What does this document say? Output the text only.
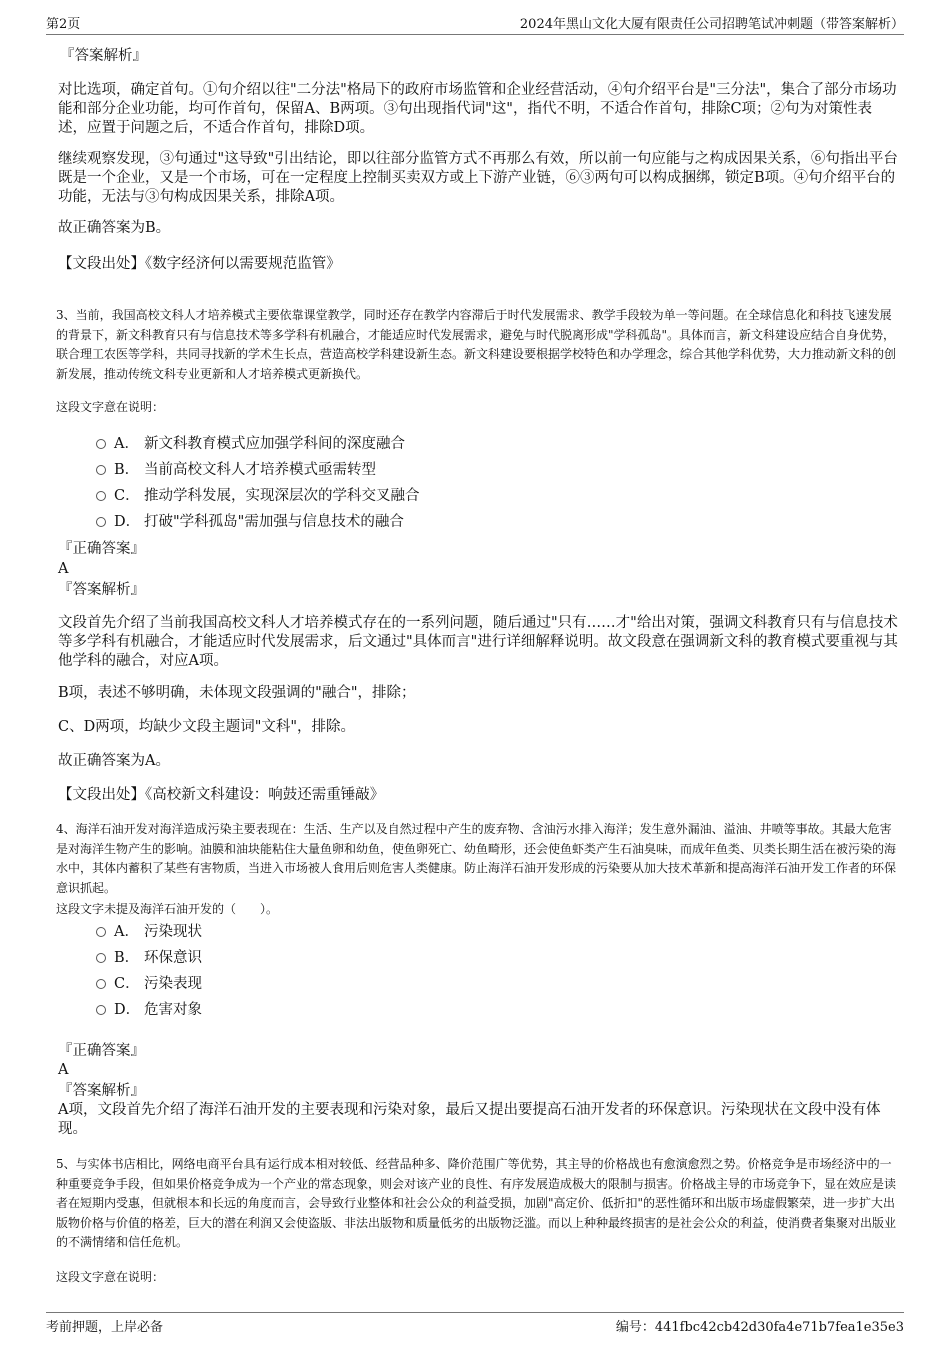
第2页	2024年黑山文化大厦有限责任公司招聘笔试冲刺题（带答案解析）

『答案解析』

对比选项，确定首句。①句介绍以往"二分法"格局下的政府市场监管和企业经营活动，④句介绍平台是"三分法"，集合了部分市场功能和部分企业功能，均可作首句，保留A、B两项。③句出现指代词"这"，指代不明，不适合作首句，排除C项；②句为对策性表述，应置于问题之后，不适合作首句，排除D项。

继续观察发现，③句通过"这导致"引出结论，即以往部分监管方式不再那么有效，所以前一句应能与之构成因果关系，⑥句指出平台既是一个企业，又是一个市场，可在一定程度上控制买卖双方或上下游产业链，⑥③两句可以构成捆绑，锁定B项。④句介绍平台的功能，无法与③句构成因果关系，排除A项。

故正确答案为B。

【文段出处】《数字经济何以需要规范监管》

3、当前，我国高校文科人才培养模式主要依靠课堂教学，同时还存在教学内容滞后于时代发展需求、教学手段较为单一等问题。在全球信息化和科技飞速发展的背景下，新文科教育只有与信息技术等多学科有机融合，才能适应时代发展需求，避免与时代脱离形成"学科孤岛"。具体而言，新文科建设应结合自身优势，联合理工农医等学科，共同寻找新的学术生长点，营造高校学科建设新生态。新文科建设要根据学校特色和办学理念，综合其他学科优势，大力推动新文科的创新发展，推动传统文科专业更新和人才培养模式更新换代。

这段文字意在说明：

A． 新文科教育模式应加强学科间的深度融合
B． 当前高校文科人才培养模式亟需转型
C． 推动学科发展，实现深层次的学科交叉融合
D． 打破"学科孤岛"需加强与信息技术的融合

『正确答案』

A

『答案解析』

文段首先介绍了当前我国高校文科人才培养模式存在的一系列问题，随后通过"只有……才"给出对策，强调文科教育只有与信息技术等多学科有机融合，才能适应时代发展需求，后文通过"具体而言"进行详细解释说明。故文段意在强调新文科的教育模式要重视与其他学科的融合，对应A项。

B项，表述不够明确，未体现文段强调的"融合"，排除；

C、D两项，均缺少文段主题词"文科"，排除。

故正确答案为A。

【文段出处】《高校新文科建设：响鼓还需重锤敲》

4、海洋石油开发对海洋造成污染主要表现在：生活、生产以及自然过程中产生的废弃物、含油污水排入海洋；发生意外漏油、溢油、井喷等事故。其最大危害是对海洋生物产生的影响。油膜和油块能粘住大量鱼卵和幼鱼，使鱼卵死亡、幼鱼畸形，还会使鱼虾类产生石油臭味，而成年鱼类、贝类长期生活在被污染的海水中，其体内蓄积了某些有害物质，当进入市场被人食用后则危害人类健康。防止海洋石油开发形成的污染要从加大技术革新和提高海洋石油开发工作者的环保意识抓起。

这段文字未提及海洋石油开发的（　　）。

A． 污染现状
B． 环保意识
C． 污染表现
D． 危害对象

『正确答案』

A

『答案解析』

A项，文段首先介绍了海洋石油开发的主要表现和污染对象，最后又提出要提高石油开发者的环保意识。污染现状在文段中没有体现。

5、与实体书店相比，网络电商平台具有运行成本相对较低、经营品种多、降价范围广等优势，其主导的价格战也有愈演愈烈之势。价格竞争是市场经济中的一种重要竞争手段，但如果价格竞争成为一个产业的常态现象，则会对该产业的良性、有序发展造成极大的限制与损害。价格战主导的市场竞争下，显在效应是读者在短期内受惠，但就根本和长远的角度而言，会导致行业整体和社会公众的利益受损，加剧"高定价、低折扣"的恶性循环和出版市场虚假繁荣，进一步扩大出版物价格与价值的格差，巨大的潜在利润又会使盗版、非法出版物和质量低劣的出版物泛滥。而以上种种最终损害的是社会公众的利益，使消费者集聚对出版业的不满情绪和信任危机。

这段文字意在说明：

考前押题，上岸必备	编号：441fbc42cb42d30fa4e71b7fea1e35e3
